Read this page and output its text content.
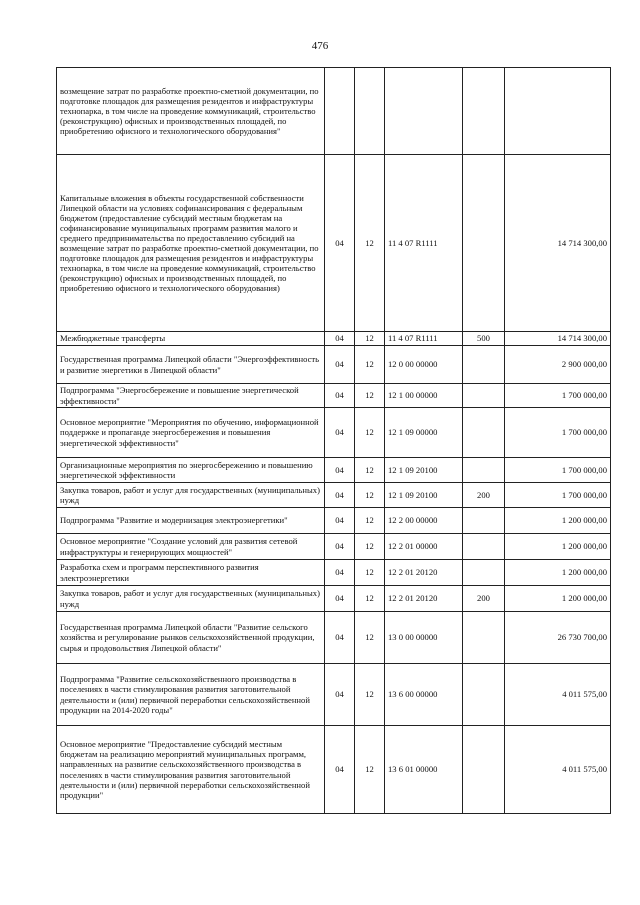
476
возмещение затрат по разработке проектно-сметной документации, по подготовке площадок для размещения резидентов и инфраструктуры технопарка, в том числе на проведение коммуникаций, строительство (реконструкцию) офисных и производственных площадей, по приобретению офисного и технологического оборудования"					
Капитальные вложения в объекты государственной собственности Липецкой области на условиях софинансирования с федеральным бюджетом (предоставление субсидий местным бюджетам на софинансирование муниципальных программ развития малого и среднего предпринимательства по предоставлению субсидий на возмещение затрат по разработке проектно-сметной документации, по подготовке площадок для размещения резидентов и инфраструктуры технопарка, в том числе на проведение коммуникаций, строительство (реконструкцию) офисных и производственных площадей, по приобретению офисного и технологического оборудования)	04	12	11 4 07 R1111		14 714 300,00
Межбюджетные трансферты	04	12	11 4 07 R1111	500	14 714 300,00
Государственная программа Липецкой области "Энергоэффективность и развитие энергетики в Липецкой области"	04	12	12 0 00 00000		2 900 000,00
Подпрограмма "Энергосбережение и повышение энергетической эффективности"	04	12	12 1 00 00000		1 700 000,00
Основное мероприятие "Мероприятия по обучению, информационной поддержке и пропаганде энергосбережения и повышения энергетической эффективности"	04	12	12 1 09 00000		1 700 000,00
Организационные мероприятия по энергосбережению и повышению энергетической эффективности	04	12	12 1 09 20100		1 700 000,00
Закупка товаров, работ и услуг для государственных (муниципальных) нужд	04	12	12 1 09 20100	200	1 700 000,00
Подпрограмма "Развитие и модернизация электроэнергетики"	04	12	12 2 00 00000		1 200 000,00
Основное мероприятие "Создание условий для развития сетевой инфраструктуры и генерирующих мощностей"	04	12	12 2 01 00000		1 200 000,00
Разработка схем и программ перспективного развития электроэнергетики	04	12	12 2 01 20120		1 200 000,00
Закупка товаров, работ и услуг для государственных (муниципальных) нужд	04	12	12 2 01 20120	200	1 200 000,00
Государственная программа Липецкой области "Развитие сельского хозяйства и регулирование рынков сельскохозяйственной продукции, сырья и продовольствия Липецкой области"	04	12	13 0 00 00000		26 730 700,00
Подпрограмма "Развитие сельскохозяйственного производства в поселениях в части стимулирования развития заготовительной деятельности и (или) первичной переработки сельскохозяйственной продукции на 2014-2020 годы"	04	12	13 6 00 00000		4 011 575,00
Основное мероприятие "Предоставление субсидий местным бюджетам на реализацию мероприятий муниципальных программ, направленных на развитие сельскохозяйственного производства в поселениях в части стимулирования развития заготовительной деятельности и (или) первичной переработки сельскохозяйственной продукции"	04	12	13 6 01 00000		4 011 575,00
